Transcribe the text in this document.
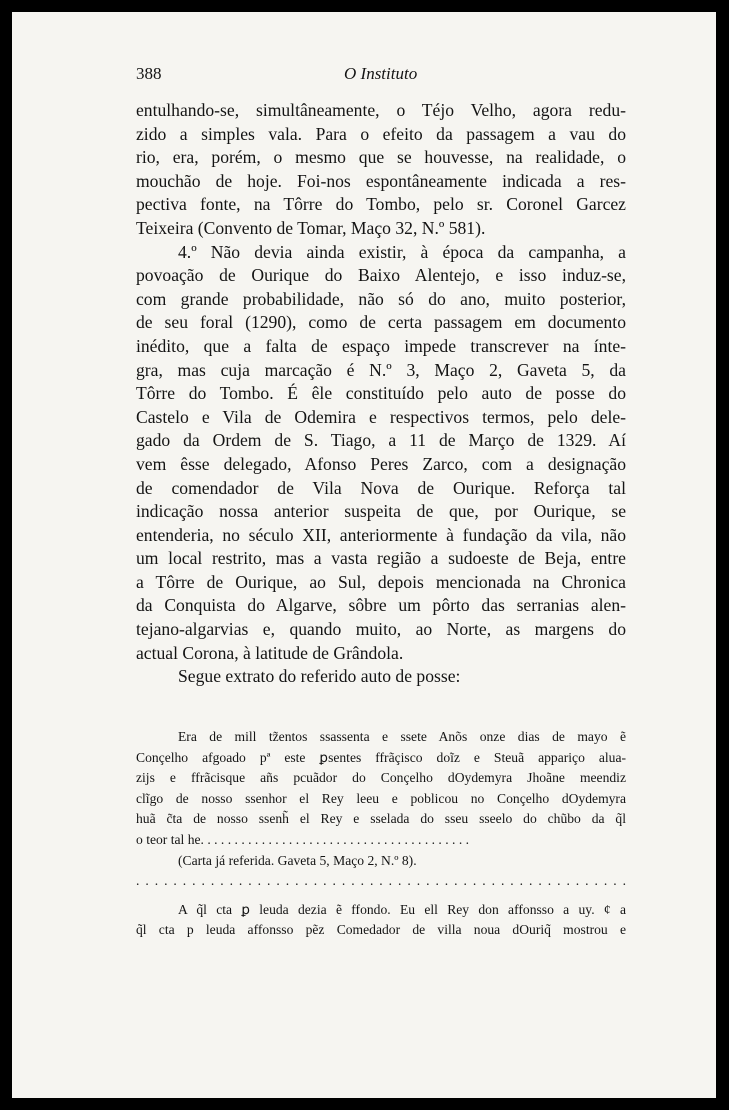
388	O Instituto
entulhando-se, simultâneamente, o Téjo Velho, agora redu-
zido a simples vala. Para o efeito da passagem a vau do
rio, era, porém, o mesmo que se houvesse, na realidade, o
mouchão de hoje. Foi-nos espontâneamente indicada a res-
pectiva fonte, na Tôrre do Tombo, pelo sr. Coronel Garcez
Teixeira (Convento de Tomar, Maço 32, N.º 581).
4.º Não devia ainda existir, à época da campanha, a
povoação de Ourique do Baixo Alentejo, e isso induz-se,
com grande probabilidade, não só do ano, muito posterior,
de seu foral (1290), como de certa passagem em documento
inédito, que a falta de espaço impede transcrever na ínte-
gra, mas cuja marcação é N.º 3, Maço 2, Gaveta 5, da
Tôrre do Tombo. É êle constituído pelo auto de posse do
Castelo e Vila de Odemira e respectivos termos, pelo dele-
gado da Ordem de S. Tiago, a 11 de Março de 1329. Aí
vem êsse delegado, Afonso Peres Zarco, com a designação
de comendador de Vila Nova de Ourique. Reforça tal
indicação nossa anterior suspeita de que, por Ourique, se
entenderia, no século XII, anteriormente à fundação da vila, não
um local restrito, mas a vasta região a sudoeste de Beja, entre
a Tôrre de Ourique, ao Sul, depois mencionada na Chronica
da Conquista do Algarve, sôbre um pôrto das serranias alen-
tejano-algarvias e, quando muito, ao Norte, as margens do
actual Corona, à latitude de Grândola.
Segue extrato do referido auto de posse:
Era de mill tz̃entos ssassenta e ssete Anõs onze dias de mayo ẽ
Conçelho afgoado pª este ꝑsentes ffrãçisco doĩz e Steuã appariço alua-
zijs e ffrãcisque añs pcuãdor do Conçelho dOydemyra Jhoãne meendiz
clĩgo de nosso ssenhor el Rey leeu e poblicou no Conçelho dOydemyra
huã c̃ta de nosso ssenh̃ el Rey e sselada do sseu sseelo do chũbo da q̃l
o teor tal he. . . . . . . . . . . . . . . . . . . . . . . . . . . . . . . . . . . . . . . .
(Carta já referida. Gaveta 5, Maço 2, N.º 8).
. . . . . . . . . . . . . . . . . . . . . . . . . . . . . . . . . . . . . . . . . . . . . . . . . . . . .
A q̃l cta ꝑ leuda dezia ẽ ffondo. Eu ell Rey don affonsso a uy. ¢ a
q̃l cta p leuda affonsso pẽz Comedador de villa noua dOuriq̃ mostrou e
